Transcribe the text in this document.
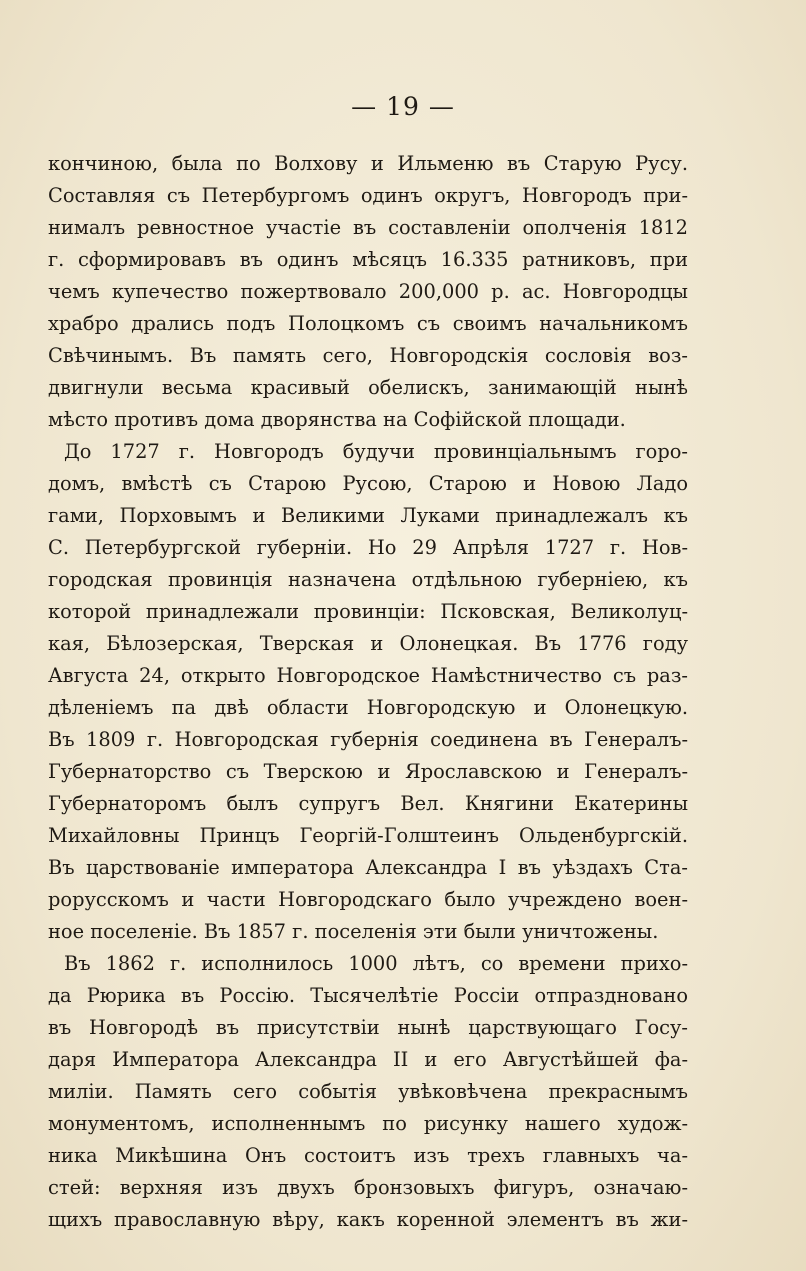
— 19 —
кончиною, была по Волхову и Ильменю въ Старую Русу.
Составляя съ Петербургомъ одинъ округъ, Новгородъ при-
нималъ ревностное участіе въ составленіи ополченія 1812
г. сформировавъ въ одинъ мѣсяцъ 16.335 ратниковъ, при
чемъ купечество пожертвовало 200,000 р. ас. Новгородцы
храбро дрались подъ Полоцкомъ съ своимъ начальникомъ
Свѣчинымъ. Въ память сего, Новгородскія сословія воз-
двигнули весьма красивый обелискъ, занимающій нынѣ
мѣсто противъ дома дворянства на Софійской площади.
До 1727 г. Новгородъ будучи провинціальнымъ горо-
домъ, вмѣстѣ съ Старою Русою, Старою и Новою Ладо
гами, Порховымъ и Великими Луками принадлежалъ къ
С. Петербургской губерніи. Но 29 Апрѣля 1727 г. Нов-
городская провинція назначена отдѣльною губерніею, къ
которой принадлежали провинціи: Псковская, Великолуц-
кая, Бѣлозерская, Тверская и Олонецкая. Въ 1776 году
Августа 24, открыто Новгородское Намѣстничество съ раз-
дѣленіемъ па двѣ области Новгородскую и Олонецкую.
Въ 1809 г. Новгородская губернія соединена въ Генералъ-
Губернаторство съ Тверскою и Ярославскою и Генералъ-
Губернаторомъ былъ супругъ Вел. Княгини Екатерины
Михайловны Принцъ Георгій-Голштеинъ Ольденбургскій.
Въ царствованіе императора Александра I въ уѣздахъ Ста-
рорусскомъ и части Новгородскаго было учреждено воен-
ное поселеніе. Въ 1857 г. поселенія эти были уничтожены.
Въ 1862 г. исполнилось 1000 лѣтъ, со времени прихо-
да Рюрика въ Россію. Тысячелѣтіе Россіи отпраздновано
въ Новгородѣ въ присутствіи нынѣ царствующаго Госу-
даря Императора Александра II и его Августѣйшей фа-
миліи. Память сего событія увѣковѣчена прекраснымъ
монументомъ, исполненнымъ по рисунку нашего худож-
ника Микѣшина Онъ состоитъ изъ трехъ главныхъ ча-
стей: верхняя изъ двухъ бронзовыхъ фигуръ, означаю-
щихъ православную вѣру, какъ коренной элементъ въ жи-
